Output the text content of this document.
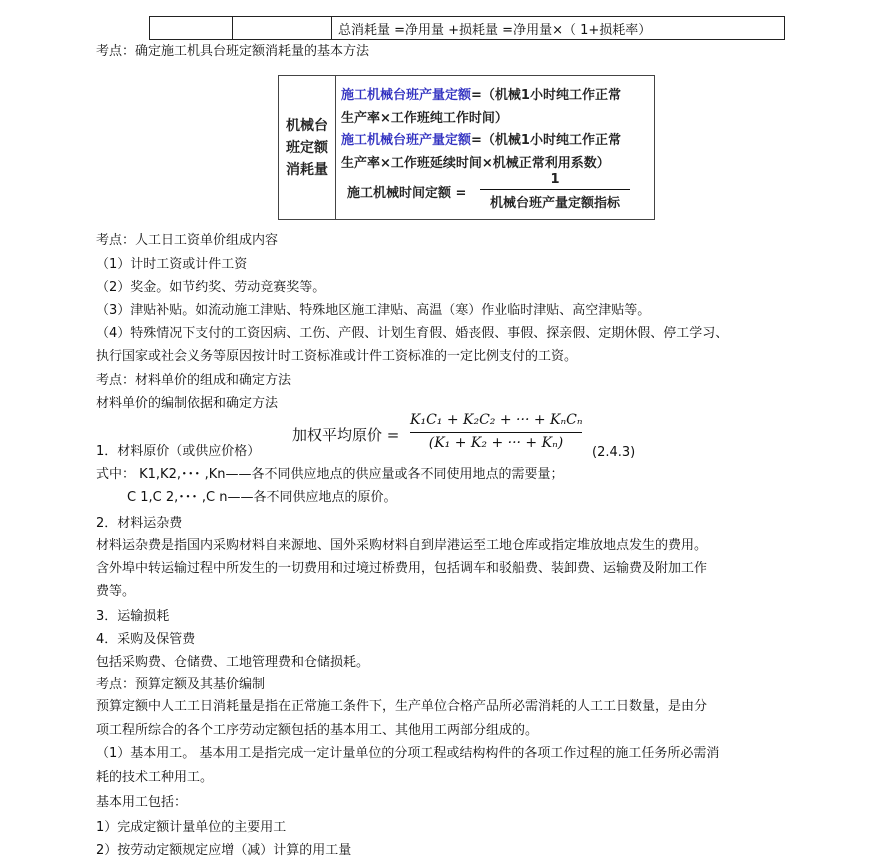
		总消耗量 =净用量 +损耗量 =净用量×（ 1+损耗率）
考点：确定施工机具台班定额消耗量的基本方法
机械台班定额消耗量
施工机械台班产量定额=（机械1小时纯工作正常
生产率×工作班纯工作时间）
施工机械台班产量定额=（机械1小时纯工作正常
生产率×工作班延续时间×机械正常利用系数）
施工机械时间定额 =
1
机械台班产量定额指标
考点：人工日工资单价组成内容
（1）计时工资或计件工资
（2）奖金。如节约奖、劳动竞赛奖等。
（3）津贴补贴。如流动施工津贴、特殊地区施工津贴、高温（寒）作业临时津贴、高空津贴等。
（4）特殊情况下支付的工资因病、工伤、产假、计划生育假、婚丧假、事假、探亲假、定期休假、停工学习、
执行国家或社会义务等原因按计时工资标准或计件工资标准的一定比例支付的工资。
考点：材料单价的组成和确定方法
材料单价的编制依据和确定方法
加权平均原价 =
K₁C₁ + K₂C₂ + ··· + KₙCₙ
(K₁ + K₂ + ··· + Kₙ)
(2.4.3)
1．材料原价（或供应价格）
式中： K1,K2,･･･ ,Kn——各不同供应地点的供应量或各不同使用地点的需要量；
C 1,C 2,･･･ ,C n——各不同供应地点的原价。
2．材料运杂费
材料运杂费是指国内采购材料自来源地、国外采购材料自到岸港运至工地仓库或指定堆放地点发生的费用。
含外埠中转运输过程中所发生的一切费用和过境过桥费用，包括调车和驳船费、装卸费、运输费及附加工作
费等。
3．运输损耗
4．采购及保管费
包括采购费、仓储费、工地管理费和仓储损耗。
考点：预算定额及其基价编制
预算定额中人工工日消耗量是指在正常施工条件下，生产单位合格产品所必需消耗的人工工日数量，是由分
项工程所综合的各个工序劳动定额包括的基本用工、其他用工两部分组成的。
（1）基本用工。 基本用工是指完成一定计量单位的分项工程或结构构件的各项工作过程的施工任务所必需消
耗的技术工种用工。
基本用工包括：
1）完成定额计量单位的主要用工
2）按劳动定额规定应增（减）计算的用工量
